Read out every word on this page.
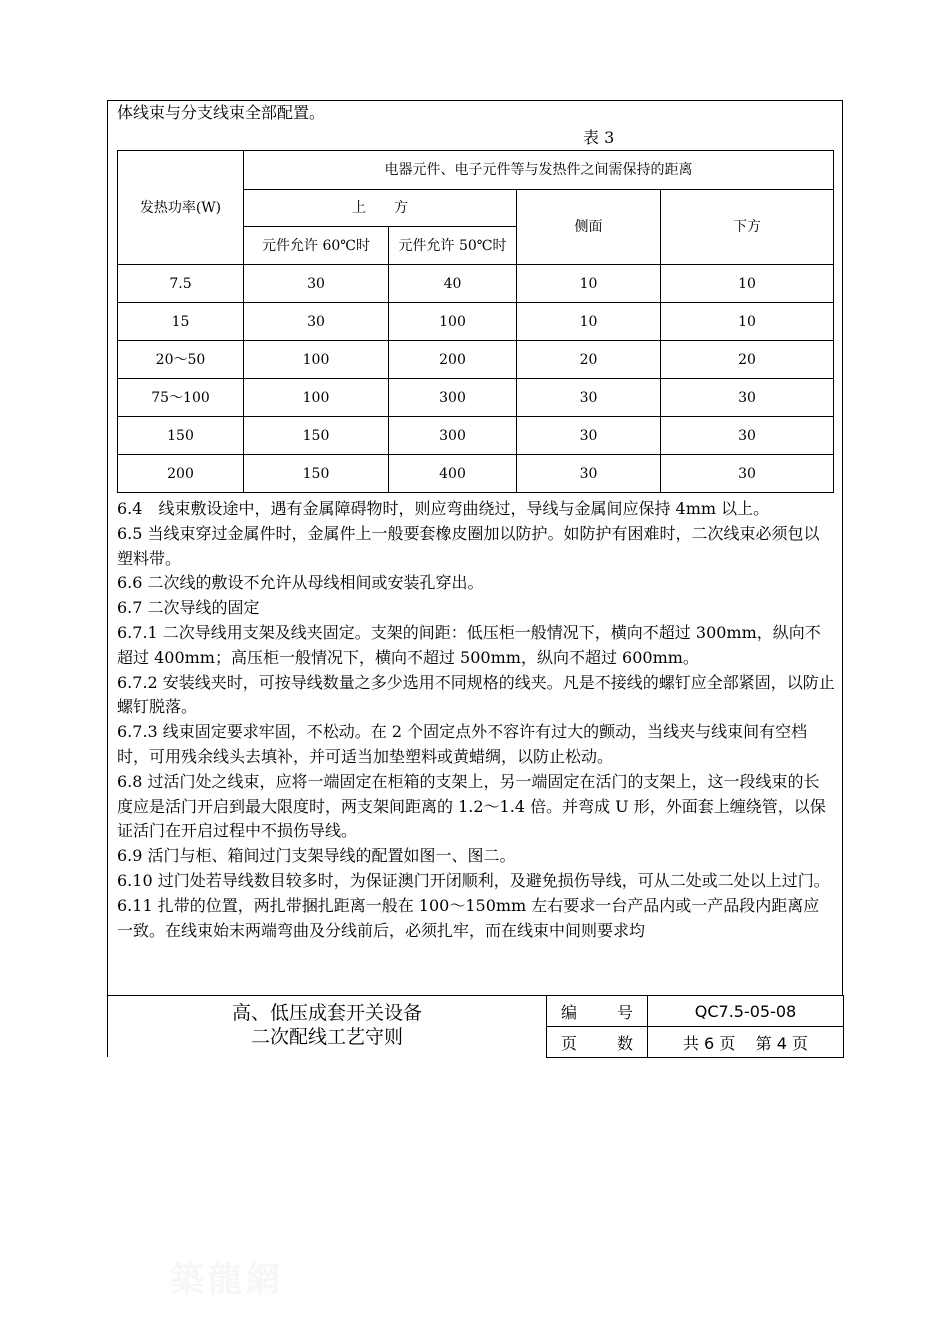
体线束与分支线束全部配置。
表 3
发热功率(W)	电器元件、电子元件等与发热件之间需保持的距离			
	上　　方		侧面	下方
	元件允许 60℃时	元件允许 50℃时		
7.5	30	40	10	10
15	30	100	10	10
20～50	100	200	20	20
75～100	100	300	30	30
150	150	300	30	30
200	150	400	30	30

6.4　线束敷设途中，遇有金属障碍物时，则应弯曲绕过，导线与金属间应保持 4mm 以上。

6.5 当线束穿过金属件时，金属件上一般要套橡皮圈加以防护。如防护有困难时，二次线束必须包以塑料带。

6.6 二次线的敷设不允许从母线相间或安装孔穿出。

6.7 二次导线的固定

6.7.1 二次导线用支架及线夹固定。支架的间距：低压柜一般情况下，横向不超过 300mm，纵向不超过 400mm；高压柜一般情况下，横向不超过 500mm，纵向不超过 600mm。

6.7.2 安装线夹时，可按导线数量之多少选用不同规格的线夹。凡是不接线的螺钉应全部紧固，以防止螺钉脱落。

6.7.3 线束固定要求牢固，不松动。在 2 个固定点外不容许有过大的颤动，当线夹与线束间有空档时，可用残余线头去填补，并可适当加垫塑料或黄蜡绸，以防止松动。

6.8 过活门处之线束，应将一端固定在柜箱的支架上，另一端固定在活门的支架上，这一段线束的长度应是活门开启到最大限度时，两支架间距离的 1.2～1.4 倍。并弯成 U 形，外面套上缠绕管，以保证活门在开启过程中不损伤导线。

6.9 活门与柜、箱间过门支架导线的配置如图一、图二。

6.10 过门处若导线数目较多时，为保证澳门开闭顺利，及避免损伤导线，可从二处或二处以上过门。

6.11 扎带的位置，两扎带捆扎距离一般在 100～150mm 左右要求一台产品内或一产品段内距离应一致。在线束始末两端弯曲及分线前后，必须扎牢，而在线束中间则要求均

高、低压成套开关设备
二次配线工艺守则
编 号	QC7.5-05-08

页 数	共 6 页 第 4 页
築龍網
